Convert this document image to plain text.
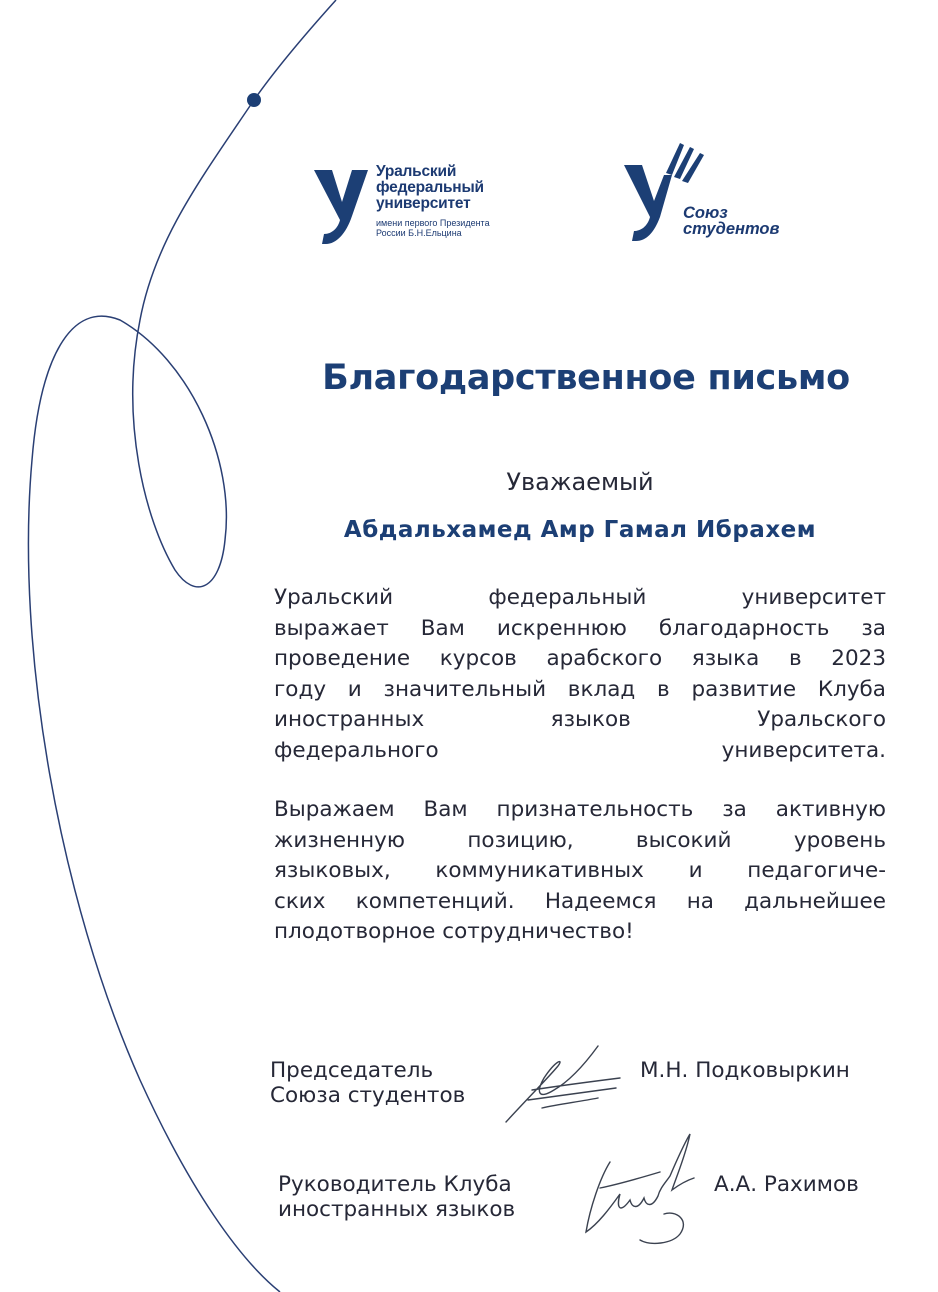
Уральский
федеральный
университет
имени первого Президента
России Б.Н.Ельцина
Союз
студентов
Благодарственное письмо
Уважаемый
Абдальхамед Амр Гамал Ибрахем
Уральский федеральный университет
выражает Вам искреннюю благодарность за
проведение курсов арабского языка в 2023
году и значительный вклад в развитие Клуба
иностранных языков Уральского
федерального университета.
Выражаем Вам признательность за активную
жизненную позицию, высокий уровень
языковых, коммуникативных и педагогиче-
ских компетенций. Надеемся на дальнейшее
плодотворное сотрудничество!
Председатель
Союза студентов
М.Н. Подковыркин
Руководитель Клуба
иностранных языков
А.А. Рахимов
